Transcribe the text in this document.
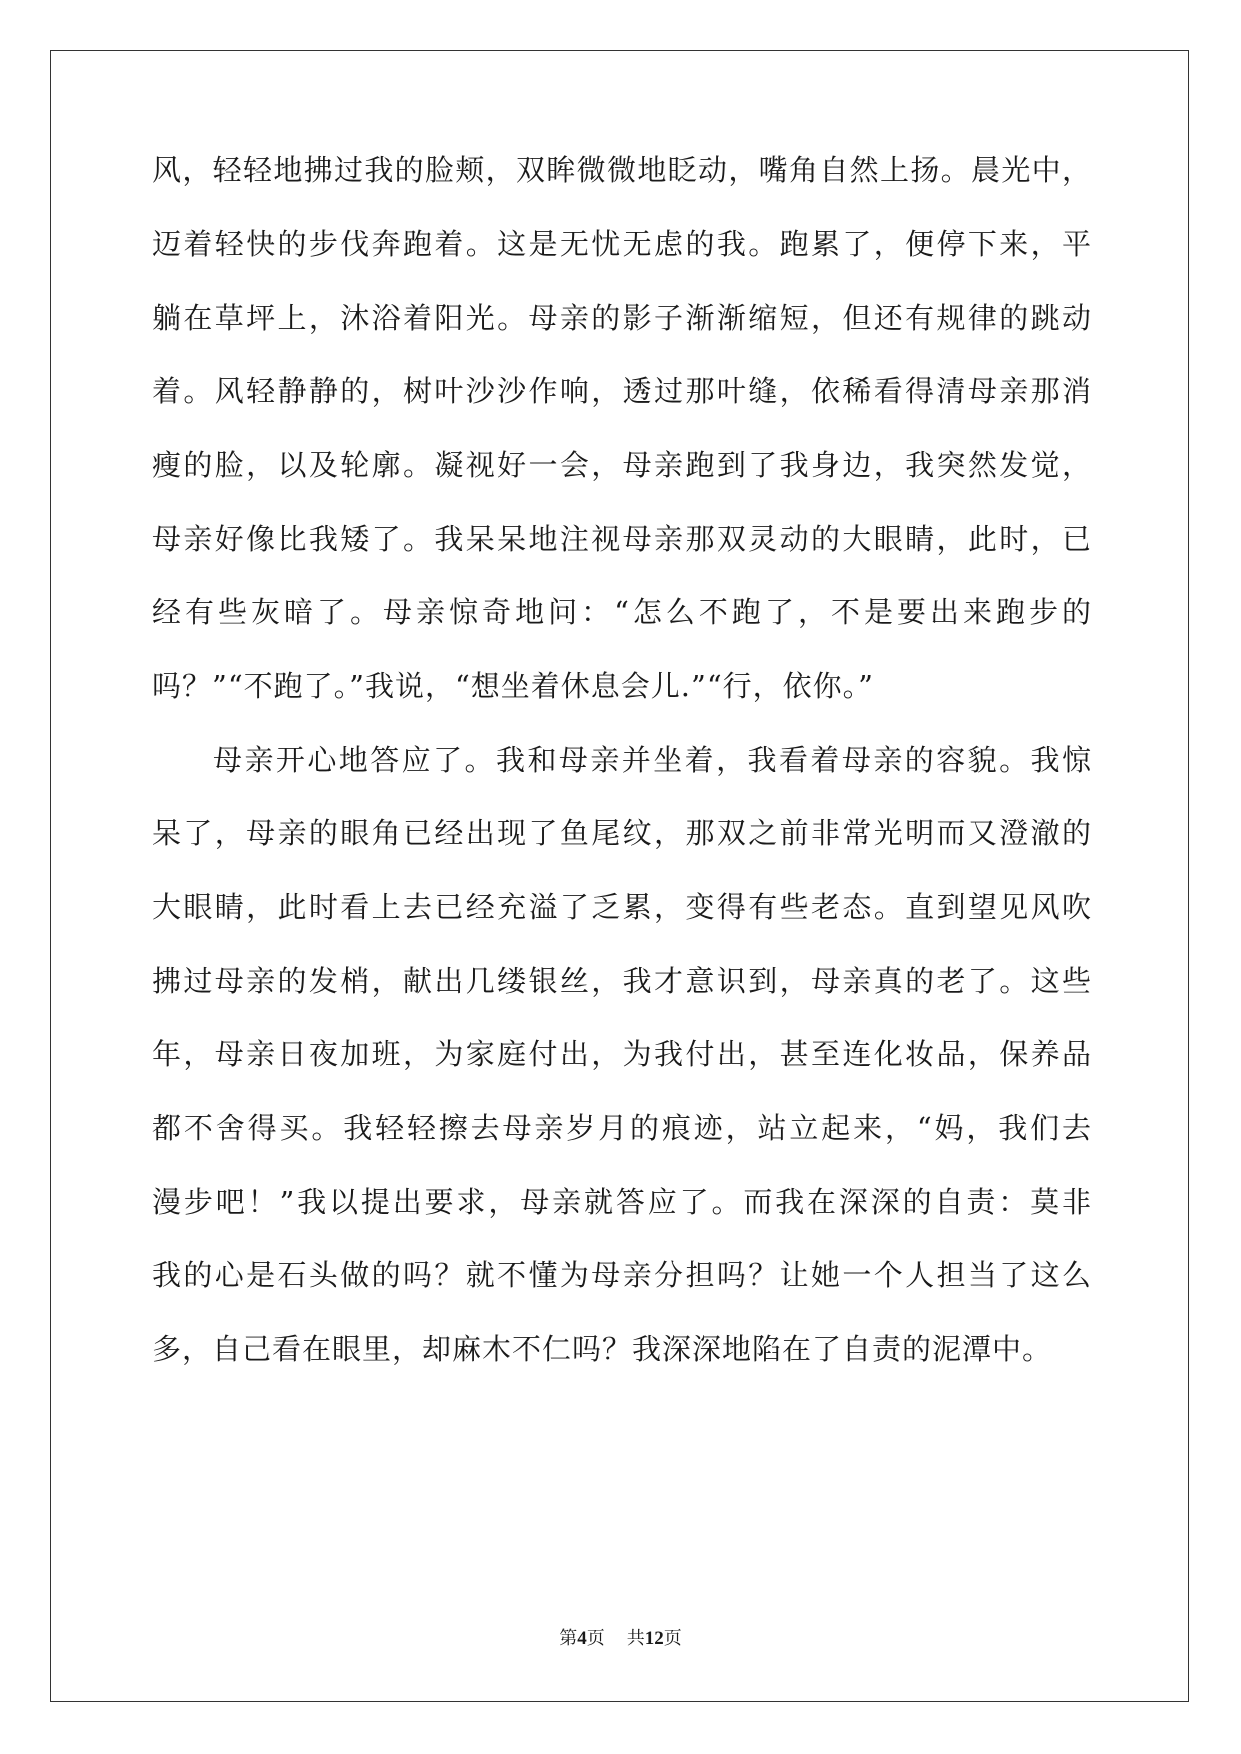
风，轻轻地拂过我的脸颊，双眸微微地眨动，嘴角自然上扬。晨光中，
迈着轻快的步伐奔跑着。这是无忧无虑的我。跑累了，便停下来，平
躺在草坪上，沐浴着阳光。母亲的影子渐渐缩短，但还有规律的跳动
着。风轻静静的，树叶沙沙作响，透过那叶缝，依稀看得清母亲那消
瘦的脸，以及轮廓。凝视好一会，母亲跑到了我身边，我突然发觉，
母亲好像比我矮了。我呆呆地注视母亲那双灵动的大眼睛，此时，已
经有些灰暗了。母亲惊奇地问：“怎么不跑了，不是要出来跑步的
吗？”“不跑了。”我说，“想坐着休息会儿.”“行，依你。”
母亲开心地答应了。我和母亲并坐着，我看着母亲的容貌。我惊
呆了，母亲的眼角已经出现了鱼尾纹，那双之前非常光明而又澄澈的
大眼睛，此时看上去已经充溢了乏累，变得有些老态。直到望见风吹
拂过母亲的发梢，献出几缕银丝，我才意识到，母亲真的老了。这些
年，母亲日夜加班，为家庭付出，为我付出，甚至连化妆品，保养品
都不舍得买。我轻轻擦去母亲岁月的痕迹，站立起来，“妈，我们去
漫步吧！”我以提出要求，母亲就答应了。而我在深深的自责：莫非
我的心是石头做的吗？就不懂为母亲分担吗？让她一个人担当了这么
多，自己看在眼里，却麻木不仁吗？我深深地陷在了自责的泥潭中。
第4页 共12页
